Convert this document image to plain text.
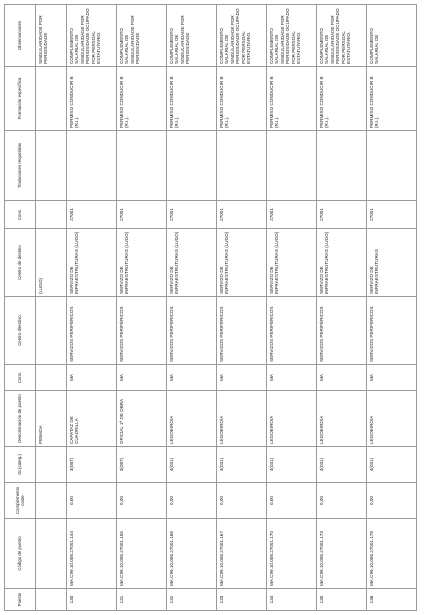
Puesto	Código de puesto	Complemento coste	Gr.(categ.)	Denominación de puesto	Cons.	Centro directivo	Centro de destino	Conc.	Titulaciones requeridas	Formación específica	Observaciones
				PEBADA			(LUGO)				SINGULARIDADE POR PERIOSIDADE
130	MA.C99.10.006.27001.144	0,00	3(087)	CAPATAZ DE CUADRILLA	MA	SERVIZOS PERIFÉRICOS	SERVIZO DE INFRAESTRUTURAS (LUGO)	27001		PERMISO CONDUCIR B (R.I.).	COMPLEMENTO SALARIAL DE SINGULARIDADE POR PERIOSIDADE OCUPADO POR PERSOAL ESTATUTARIO.
131	MA.C99.10.006.27001.155	0,00	3(087)	OFICIAL 1ª DE OBRA	MA	SERVIZOS PERIFÉRICOS	SERVIZO DE INFRAESTRUTURAS (LUGO)	27001		PERMISO CONDUCIR B (R.I.).	COMPLEMENTO SALARIAL DE SINGULARIDADE POR PERIOSIDADE
132	MA.C99.10.006.27001.166	0,00	4(031)	LEGOEIRO/A	MA	SERVIZOS PERIFÉRICOS	SERVIZO DE INFRAESTRUTURAS (LUGO)	27001		PERMISO CONDUCIR B (R.I.).	COMPLEMENTO SALARIAL DE SINGULARIDADE POR PERIOSIDADE
133	MA.C99.10.006.27001.167	0,00	4(031)	LEGOEIRO/A	MA	SERVIZOS PERIFÉRICOS	SERVIZO DE INFRAESTRUTURAS (LUGO)	27001		PERMISO CONDUCIR B (R.I.).	COMPLEMENTO SALARIAL DE SINGULARIDADE POR PERIOSIDADE OCUPADO POR PERSOAL ESTATUTARIO.
134	MA.C99.10.006.27001.170	0,00	4(031)	LEGOEIRO/A	MA	SERVIZOS PERIFÉRICOS	SERVIZO DE INFRAESTRUTURAS (LUGO)	27001		PERMISO CONDUCIR B (R.I.).	COMPLEMENTO SALARIAL DE SINGULARIDADE POR PERIOSIDADE OCUPADO POR PERSOAL ESTATUTARIO.
135	MA.C99.10.006.27001.173	0,00	4(031)	LEGOEIRO/A	MA	SERVIZOS PERIFÉRICOS	SERVIZO DE INFRAESTRUTURAS (LUGO)	27001		PERMISO CONDUCIR B (R.I.).	COMPLEMENTO SALARIAL DE SINGULARIDADE POR PERIOSIDADE OCUPADO POR PERSOAL ESTATUTARIO.
136	MA.C99.10.006.27001.178	0,00	4(031)	LEGOEIRO/A	MA	SERVIZOS PERIFÉRICOS	SERVIZO DE INFRAESTRUTURAS	27001		PERMISO CONDUCIR B (R.I.).	COMPLEMENTO SALARIAL DE
